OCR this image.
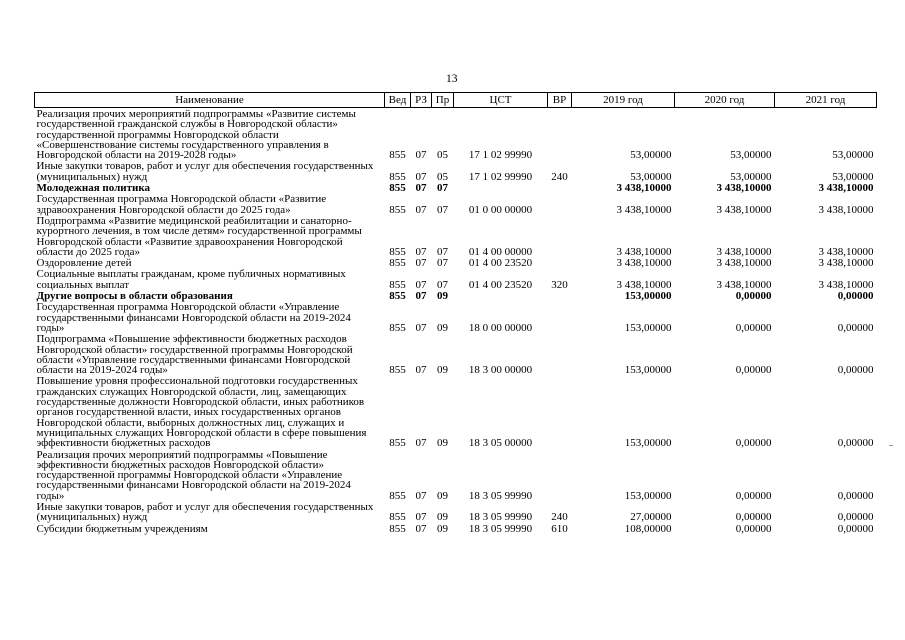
13
Наименование	Вед	РЗ	Пр	ЦСТ	ВР	2019 год	2020 год	2021 год
Реализация прочих мероприятий подпрограммы «Развитие системы государственной гражданской службы в Новгородской области» государственной программы Новгородской области «Совершенствование системы государственного управления в Новгородской области на 2019-2028 годы»	855	07	05	17 1 02 99990		53,00000	53,00000	53,00000
Иные закупки товаров, работ и услуг для обеспечения государственных (муниципальных) нужд	855	07	05	17 1 02 99990	240	53,00000	53,00000	53,00000
Молодежная политика	855	07	07			3 438,10000	3 438,10000	3 438,10000
Государственная программа Новгородской области «Развитие здравоохранения Новгородской области до 2025 года»	855	07	07	01 0 00 00000		3 438,10000	3 438,10000	3 438,10000
Подпрограмма «Развитие медицинской реабилитации и санаторно-курортного лечения, в том числе детям» государственной программы Новгородской области «Развитие здравоохранения Новгородской области до 2025 года»	855	07	07	01 4 00 00000		3 438,10000	3 438,10000	3 438,10000
Оздоровление детей	855	07	07	01 4 00 23520		3 438,10000	3 438,10000	3 438,10000
Социальные выплаты гражданам, кроме публичных нормативных социальных выплат	855	07	07	01 4 00 23520	320	3 438,10000	3 438,10000	3 438,10000
Другие вопросы в области образования	855	07	09			153,00000	0,00000	0,00000
Государственная программа Новгородской области «Управление государственными финансами Новгородской области на 2019-2024 годы»	855	07	09	18 0 00 00000		153,00000	0,00000	0,00000
Подпрограмма «Повышение эффективности бюджетных расходов Новгородской области» государственной программы Новгородской области «Управление государственными финансами Новгородской области на 2019-2024 годы»	855	07	09	18 3 00 00000		153,00000	0,00000	0,00000
Повышение уровня профессиональной подготовки государственных гражданских служащих Новгородской области, лиц, замещающих государственные должности Новгородской области, иных работников органов государственной власти, иных государственных органов Новгородской области, выборных должностных лиц, служащих и муниципальных служащих Новгородской области в сфере повышения эффективности бюджетных расходов	855	07	09	18 3 05 00000		153,00000	0,00000	0,00000
Реализация прочих мероприятий подпрограммы «Повышение эффективности бюджетных расходов Новгородской области» государственной программы Новгородской области «Управление государственными финансами Новгородской области на 2019-2024 годы»	855	07	09	18 3 05 99990		153,00000	0,00000	0,00000
Иные закупки товаров, работ и услуг для обеспечения государственных (муниципальных) нужд	855	07	09	18 3 05 99990	240	27,00000	0,00000	0,00000
Субсидии бюджетным учреждениям	855	07	09	18 3 05 99990	610	108,00000	0,00000	0,00000
